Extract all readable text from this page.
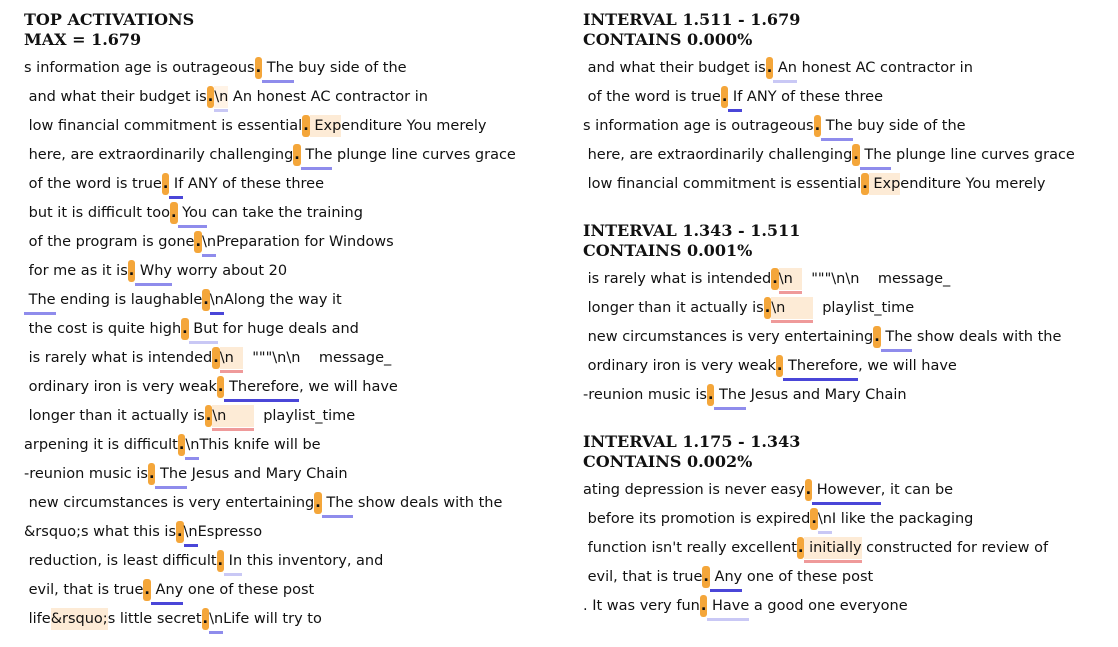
TOP ACTIVATIONS
MAX = 1.679
s information age is outrageous. The
buy side of the
and what their budget is.\n
An honest AC contractor in
low financial commitment is essential. Expenditure You merely
here, are extraordinarily challenging. The
plunge line curves grace
of the word is true. If
ANY of these three
but it is difficult too. You
can take the training
of the program is gone.\n
Preparation for Windows
for me as it is. Why
worry about 20
The
ending is laughable.\n
Along the way it
the cost is quite high. But
for huge deals and
is rarely what is intended.\n
"""\n\n    message_
ordinary iron is very weak. Therefore
, we will have
longer than it actually is.\n
playlist_time
arpening it is difficult.\n
This knife will be
-reunion music is. The
Jesus and Mary Chain
new circumstances is very entertaining. The
show deals with the
&rsquo;s what this is.\n
Espresso
reduction, is least difficult. In
this inventory, and
evil, that is true. Any
one of these post
life&rsquo;s little secret.\n
Life will try to
INTERVAL 1.511 - 1.679
CONTAINS 0.000%
and what their budget is. An
honest AC contractor in
of the word is true. If
ANY of these three
s information age is outrageous. The
buy side of the
here, are extraordinarily challenging. The
plunge line curves grace
low financial commitment is essential. Expenditure You merely
INTERVAL 1.343 - 1.511
CONTAINS 0.001%
is rarely what is intended.\n
"""\n\n    message_
longer than it actually is.\n
playlist_time
new circumstances is very entertaining. The
show deals with the
ordinary iron is very weak. Therefore
, we will have
-reunion music is. The
Jesus and Mary Chain
INTERVAL 1.175 - 1.343
CONTAINS 0.002%
ating depression is never easy. However
, it can be
before its promotion is expired.\n
I like the packaging
function isn't really excellent. initially
constructed for review of
evil, that is true. Any
one of these post
. It was very fun. Have
a good one everyone
